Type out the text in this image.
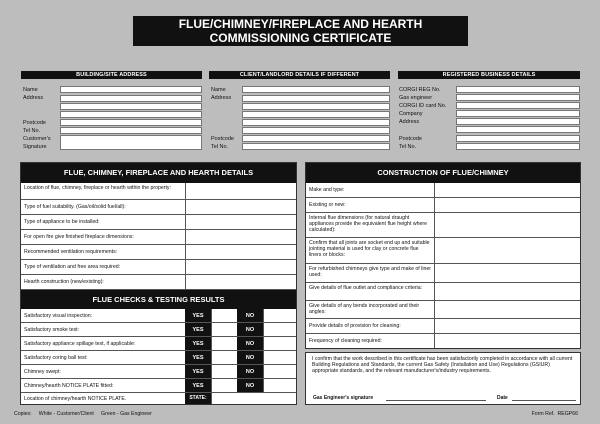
FLUE/CHIMNEY/FIREPLACE AND HEARTH
COMMISSIONING CERTIFICATE
BUILDING/SITE ADDRESS	CLIENT/LANDLORD DETAILS IF DIFFERENT	REGISTERED BUSINESS DETAILS
Name
Address
Postcode
Tel No.
Customer's
Signature
Name
Address
Postcode
Tel No.
CORGI REG No.
Gas engineer
CORGI ID card No.
Company
Address
Postcode
Tel No.
FLUE, CHIMNEY, FIREPLACE AND HEARTH DETAILS
Location of flue, chimney, fireplace or hearth within the property:
Type of fuel suitability. (Gas/oil/solid fuel/all):
Type of appliance to be installed:
For open fire give finished fireplace dimensions:
Recommended ventilation requirements:
Type of ventilation and free area required:
Hearth construction (new/existing):
FLUE CHECKS & TESTING RESULTS
Satisfactory visual inspection:	YES	NO
Satisfactory smoke test:	YES	NO
Satisfactory appliance spillage test, if applicable:	YES	NO
Satisfactory coring ball test:	YES	NO
Chimney swept:	YES	NO
Chimney/hearth NOTICE PLATE fitted:	YES	NO
Location of chimney/hearth NOTICE PLATE.	STATE:
CONSTRUCTION OF FLUE/CHIMNEY
Make and type:
Existing or new:
Internal flue dimensions (for natural draught appliances provide the equivalent flue height where calculated):
Confirm that all joints are socket end up and suitable jointing material is used for clay or concrete flue liners or blocks:
For refurbished chimneys give type and make of liner used:
Give details of flue outlet and compliance criteria:
Give details of any bends incorporated and their angles:
Provide details of provision for cleaning:
Frequency of cleaning required:
I confirm that the work described in this certificate has been satisfactorily completed in accordance with all current Building Regulations and Standards, the current Gas Safety (Installation and Use) Regulations (GSIUR) appropriate standards, and the relevant manufacturer's/industry requirements.
Gas Engineer's signature	Date
Copies:     White - Customer/Client     Green - Gas Engineer	Form Ref.  REGP66
